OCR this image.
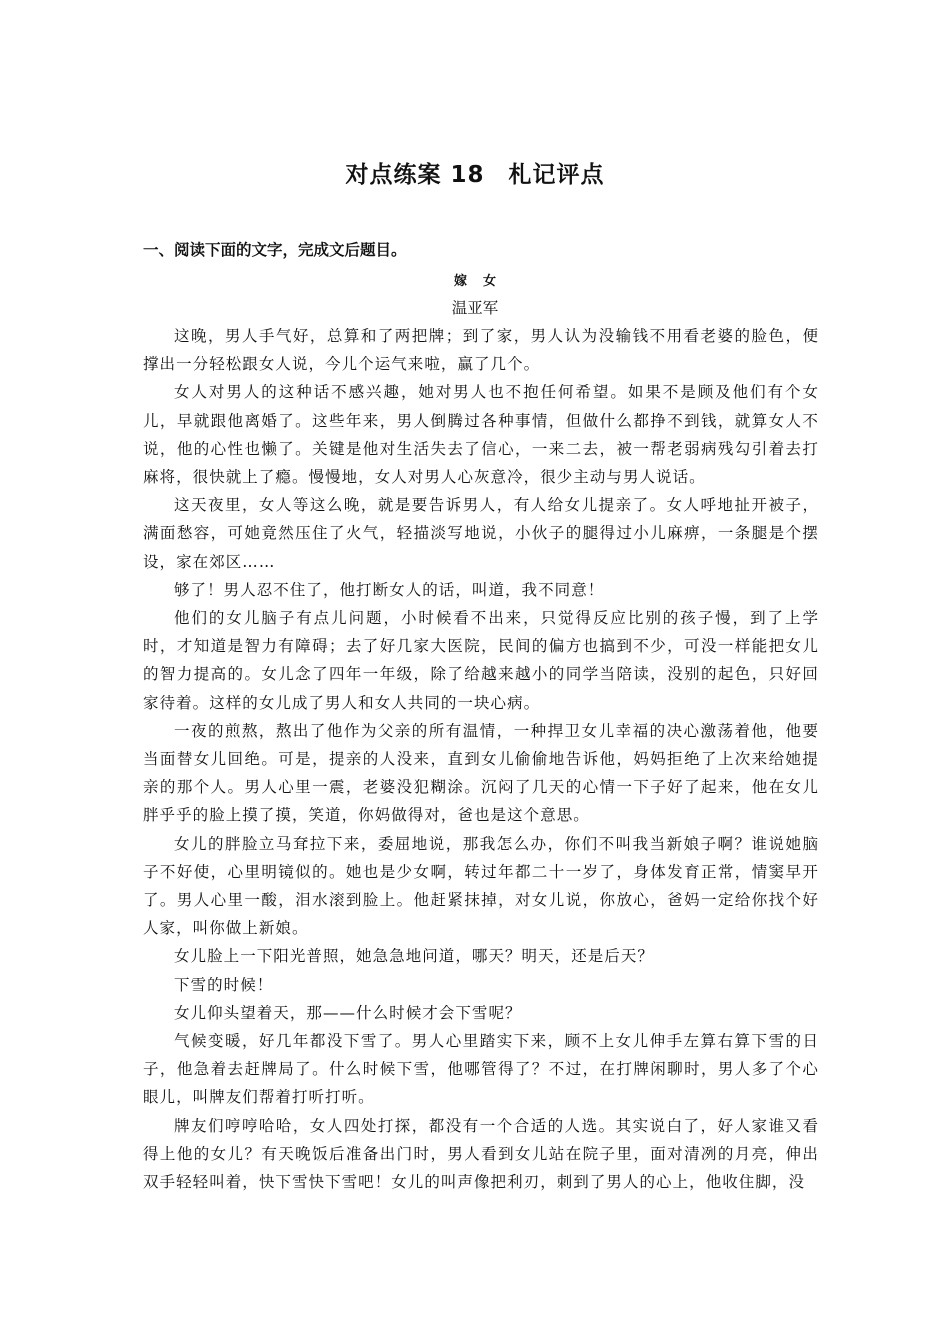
对点练案 18　札记评点
一、阅读下面的文字，完成文后题目。
嫁女
温亚军

这晚，男人手气好，总算和了两把牌；到了家，男人认为没输钱不用看老婆的脸色，便撑出一分轻松跟女人说，今儿个运气来啦，赢了几个。

女人对男人的这种话不感兴趣，她对男人也不抱任何希望。如果不是顾及他们有个女儿，早就跟他离婚了。这些年来，男人倒腾过各种事情，但做什么都挣不到钱，就算女人不说，他的心性也懒了。关键是他对生活失去了信心，一来二去，被一帮老弱病残勾引着去打麻将，很快就上了瘾。慢慢地，女人对男人心灰意冷，很少主动与男人说话。

这天夜里，女人等这么晚，就是要告诉男人，有人给女儿提亲了。女人呼地扯开被子，满面愁容，可她竟然压住了火气，轻描淡写地说，小伙子的腿得过小儿麻痹，一条腿是个摆设，家在郊区……

够了！男人忍不住了，他打断女人的话，叫道，我不同意！

他们的女儿脑子有点儿问题，小时候看不出来，只觉得反应比别的孩子慢，到了上学时，才知道是智力有障碍；去了好几家大医院，民间的偏方也搞到不少，可没一样能把女儿的智力提高的。女儿念了四年一年级，除了给越来越小的同学当陪读，没别的起色，只好回家待着。这样的女儿成了男人和女人共同的一块心病。

一夜的煎熬，熬出了他作为父亲的所有温情，一种捍卫女儿幸福的决心激荡着他，他要当面替女儿回绝。可是，提亲的人没来，直到女儿偷偷地告诉他，妈妈拒绝了上次来给她提亲的那个人。男人心里一震，老婆没犯糊涂。沉闷了几天的心情一下子好了起来，他在女儿胖乎乎的脸上摸了摸，笑道，你妈做得对，爸也是这个意思。

女儿的胖脸立马耷拉下来，委屈地说，那我怎么办，你们不叫我当新娘子啊？谁说她脑子不好使，心里明镜似的。她也是少女啊，转过年都二十一岁了，身体发育正常，情窦早开了。男人心里一酸，泪水滚到脸上。他赶紧抹掉，对女儿说，你放心，爸妈一定给你找个好人家，叫你做上新娘。

女儿脸上一下阳光普照，她急急地问道，哪天？明天，还是后天？

下雪的时候！

女儿仰头望着天，那——什么时候才会下雪呢？

气候变暖，好几年都没下雪了。男人心里踏实下来，顾不上女儿伸手左算右算下雪的日子，他急着去赶牌局了。什么时候下雪，他哪管得了？不过，在打牌闲聊时，男人多了个心眼儿，叫牌友们帮着打听打听。

牌友们哼哼哈哈，女人四处打探，都没有一个合适的人选。其实说白了，好人家谁又看得上他的女儿？有天晚饭后准备出门时，男人看到女儿站在院子里，面对清冽的月亮，伸出双手轻轻叫着，快下雪快下雪吧！女儿的叫声像把利刃，刺到了男人的心上，他收住脚，没
